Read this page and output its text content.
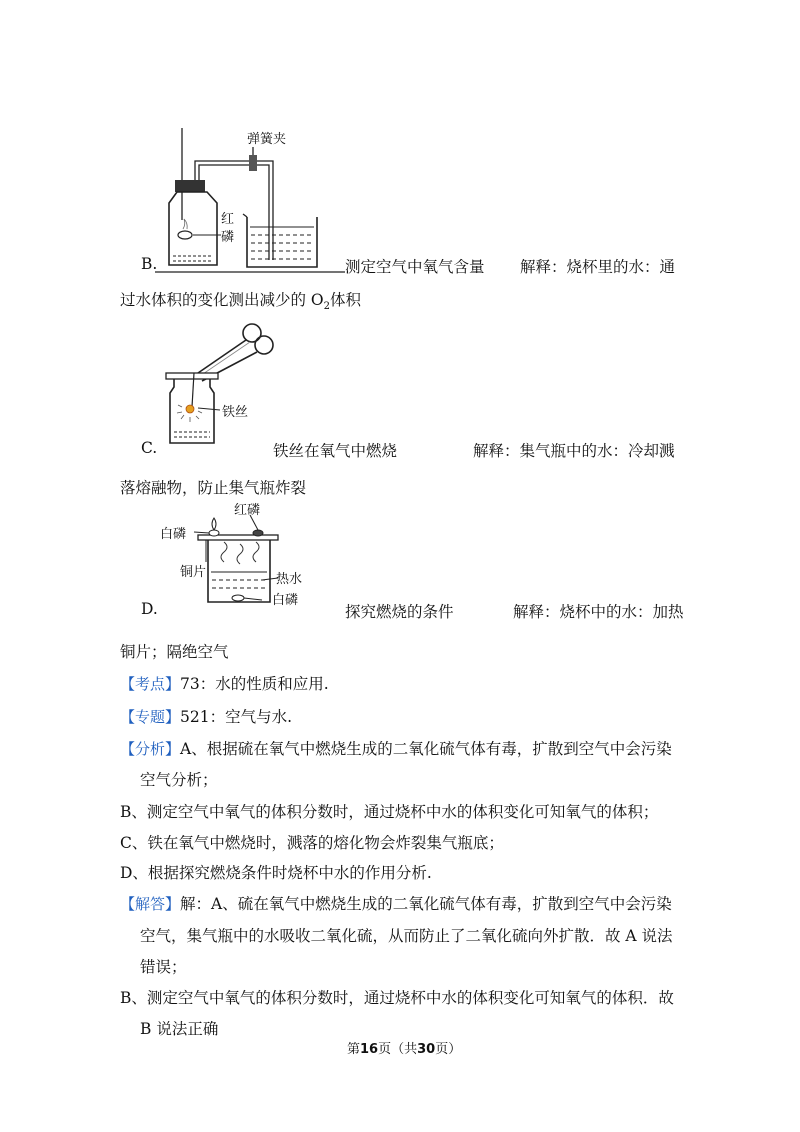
弹簧夹
红
磷
B.	测定空气中氧气含量 解释：烧杯里的水：通
过水体积的变化测出减少的 $O_2$体积
铁丝
C.	铁丝在氧气中燃烧	解释：集气瓶中的水：冷却溅
落熔融物，防止集气瓶炸裂
红磷
白磷
铜片	热水
白磷
D.	探究燃烧的条件	解释：烧杯中的水：加热
铜片；隔绝空气
【考点】73：水的性质和应用.
【专题】521：空气与水.
【分析】A、根据硫在氧气中燃烧生成的二氧化硫气体有毒，扩散到空气中会污染
空气分析；
B、测定空气中氧气的体积分数时，通过烧杯中水的体积变化可知氧气的体积；
C、铁在氧气中燃烧时，溅落的熔化物会炸裂集气瓶底；
D、根据探究燃烧条件时烧杯中水的作用分析.
【解答】解：A、硫在氧气中燃烧生成的二氧化硫气体有毒，扩散到空气中会污染
空气，集气瓶中的水吸收二氧化硫，从而防止了二氧化硫向外扩散．故 A 说法
错误；
B、测定空气中氧气的体积分数时，通过烧杯中水的体积变化可知氧气的体积．故
B 说法正确
第16页（共30页）
